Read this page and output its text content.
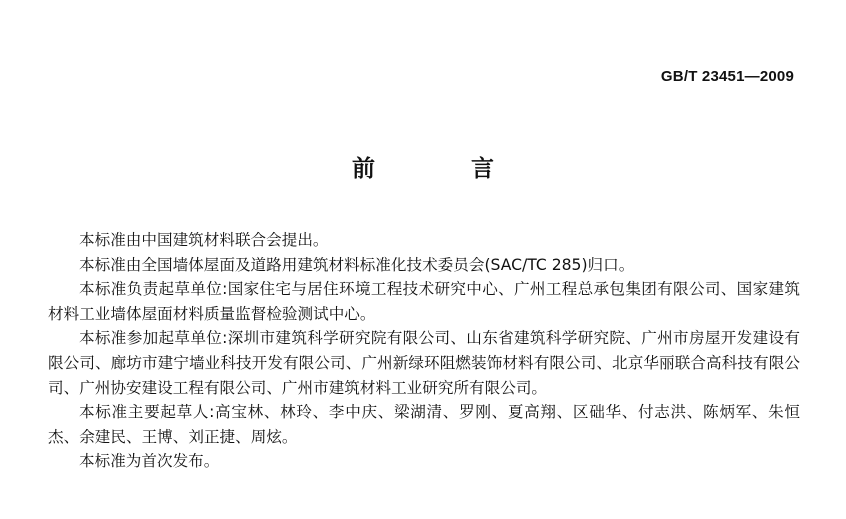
GB/T 23451—2009
前 言

本标准由中国建筑材料联合会提出。

本标准由全国墙体屋面及道路用建筑材料标准化技术委员会(SAC/TC 285)归口。

本标准负责起草单位:国家住宅与居住环境工程技术研究中心、广州工程总承包集团有限公司、国家建筑材料工业墙体屋面材料质量监督检验测试中心。

本标准参加起草单位:深圳市建筑科学研究院有限公司、山东省建筑科学研究院、广州市房屋开发建设有限公司、廊坊市建宁墙业科技开发有限公司、广州新绿环阻燃装饰材料有限公司、北京华丽联合高科技有限公司、广州协安建设工程有限公司、广州市建筑材料工业研究所有限公司。

本标准主要起草人:高宝林、林玲、李中庆、梁湖清、罗刚、夏高翔、区础华、付志洪、陈炳军、朱恒杰、余建民、王博、刘正捷、周炫。

本标准为首次发布。
